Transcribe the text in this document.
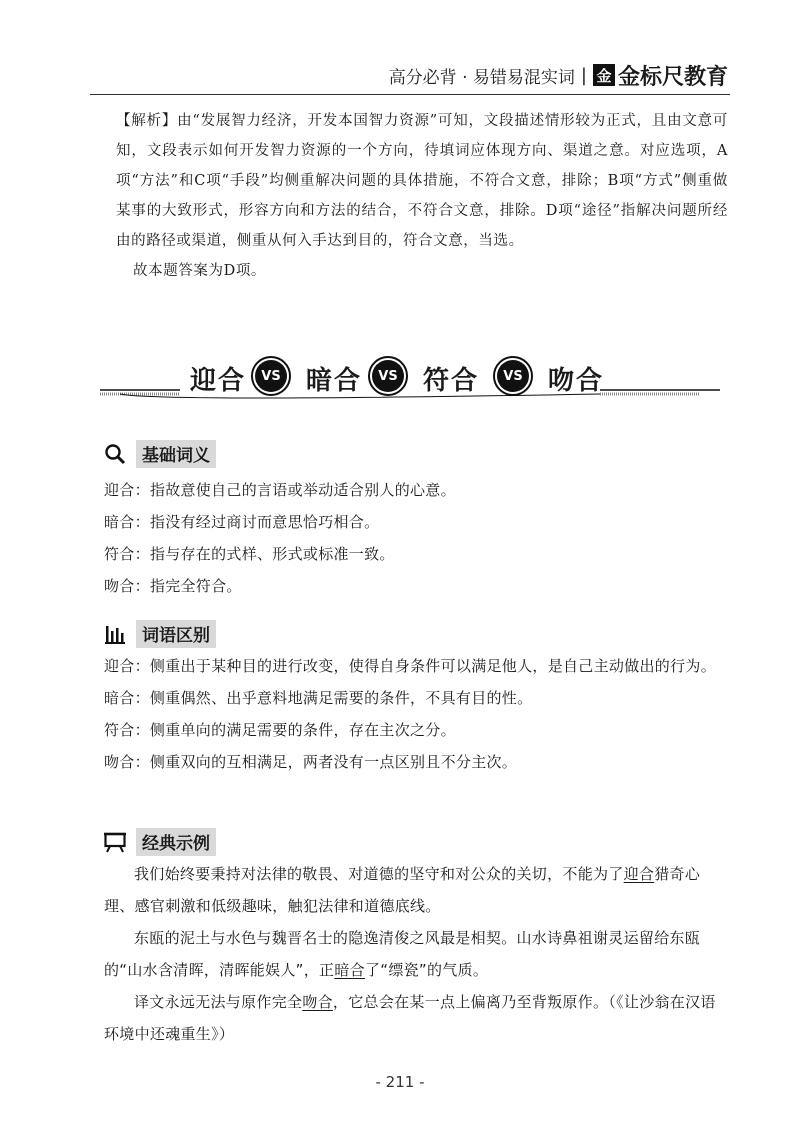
高分必背 · 易错易混实词 | 金 金标尺教育

【解析】由“发展智力经济，开发本国智力资源”可知，文段描述情形较为正式，且由文意可知，文段表示如何开发智力资源的一个方向，待填词应体现方向、渠道之意。对应选项，A项“方法”和C项“手段”均侧重解决问题的具体措施，不符合文意，排除；B项“方式”侧重做某事的大致形式，形容方向和方法的结合，不符合文意，排除。D项“途径”指解决问题所经由的路径或渠道，侧重从何入手达到目的，符合文意，当选。

故本题答案为D项。

迎合	VS 暗合	VS 符合	VS 吻合
基础词义

迎合：指故意使自己的言语或举动适合别人的心意。

暗合：指没有经过商讨而意思恰巧相合。

符合：指与存在的式样、形式或标准一致。

吻合：指完全符合。

词语区别

迎合：侧重出于某种目的进行改变，使得自身条件可以满足他人，是自己主动做出的行为。

暗合：侧重偶然、出乎意料地满足需要的条件，不具有目的性。

符合：侧重单向的满足需要的条件，存在主次之分。

吻合：侧重双向的互相满足，两者没有一点区别且不分主次。

经典示例

我们始终要秉持对法律的敬畏、对道德的坚守和对公众的关切，不能为了迎合猎奇心理、感官刺激和低级趣味，触犯法律和道德底线。

东瓯的泥土与水色与魏晋名士的隐逸清俊之风最是相契。山水诗鼻祖谢灵运留给东瓯的“山水含清晖，清晖能娱人”，正暗合了“缥瓷”的气质。

译文永远无法与原作完全吻合，它总会在某一点上偏离乃至背叛原作。（《让沙翁在汉语环境中还魂重生》）

- 211 -
